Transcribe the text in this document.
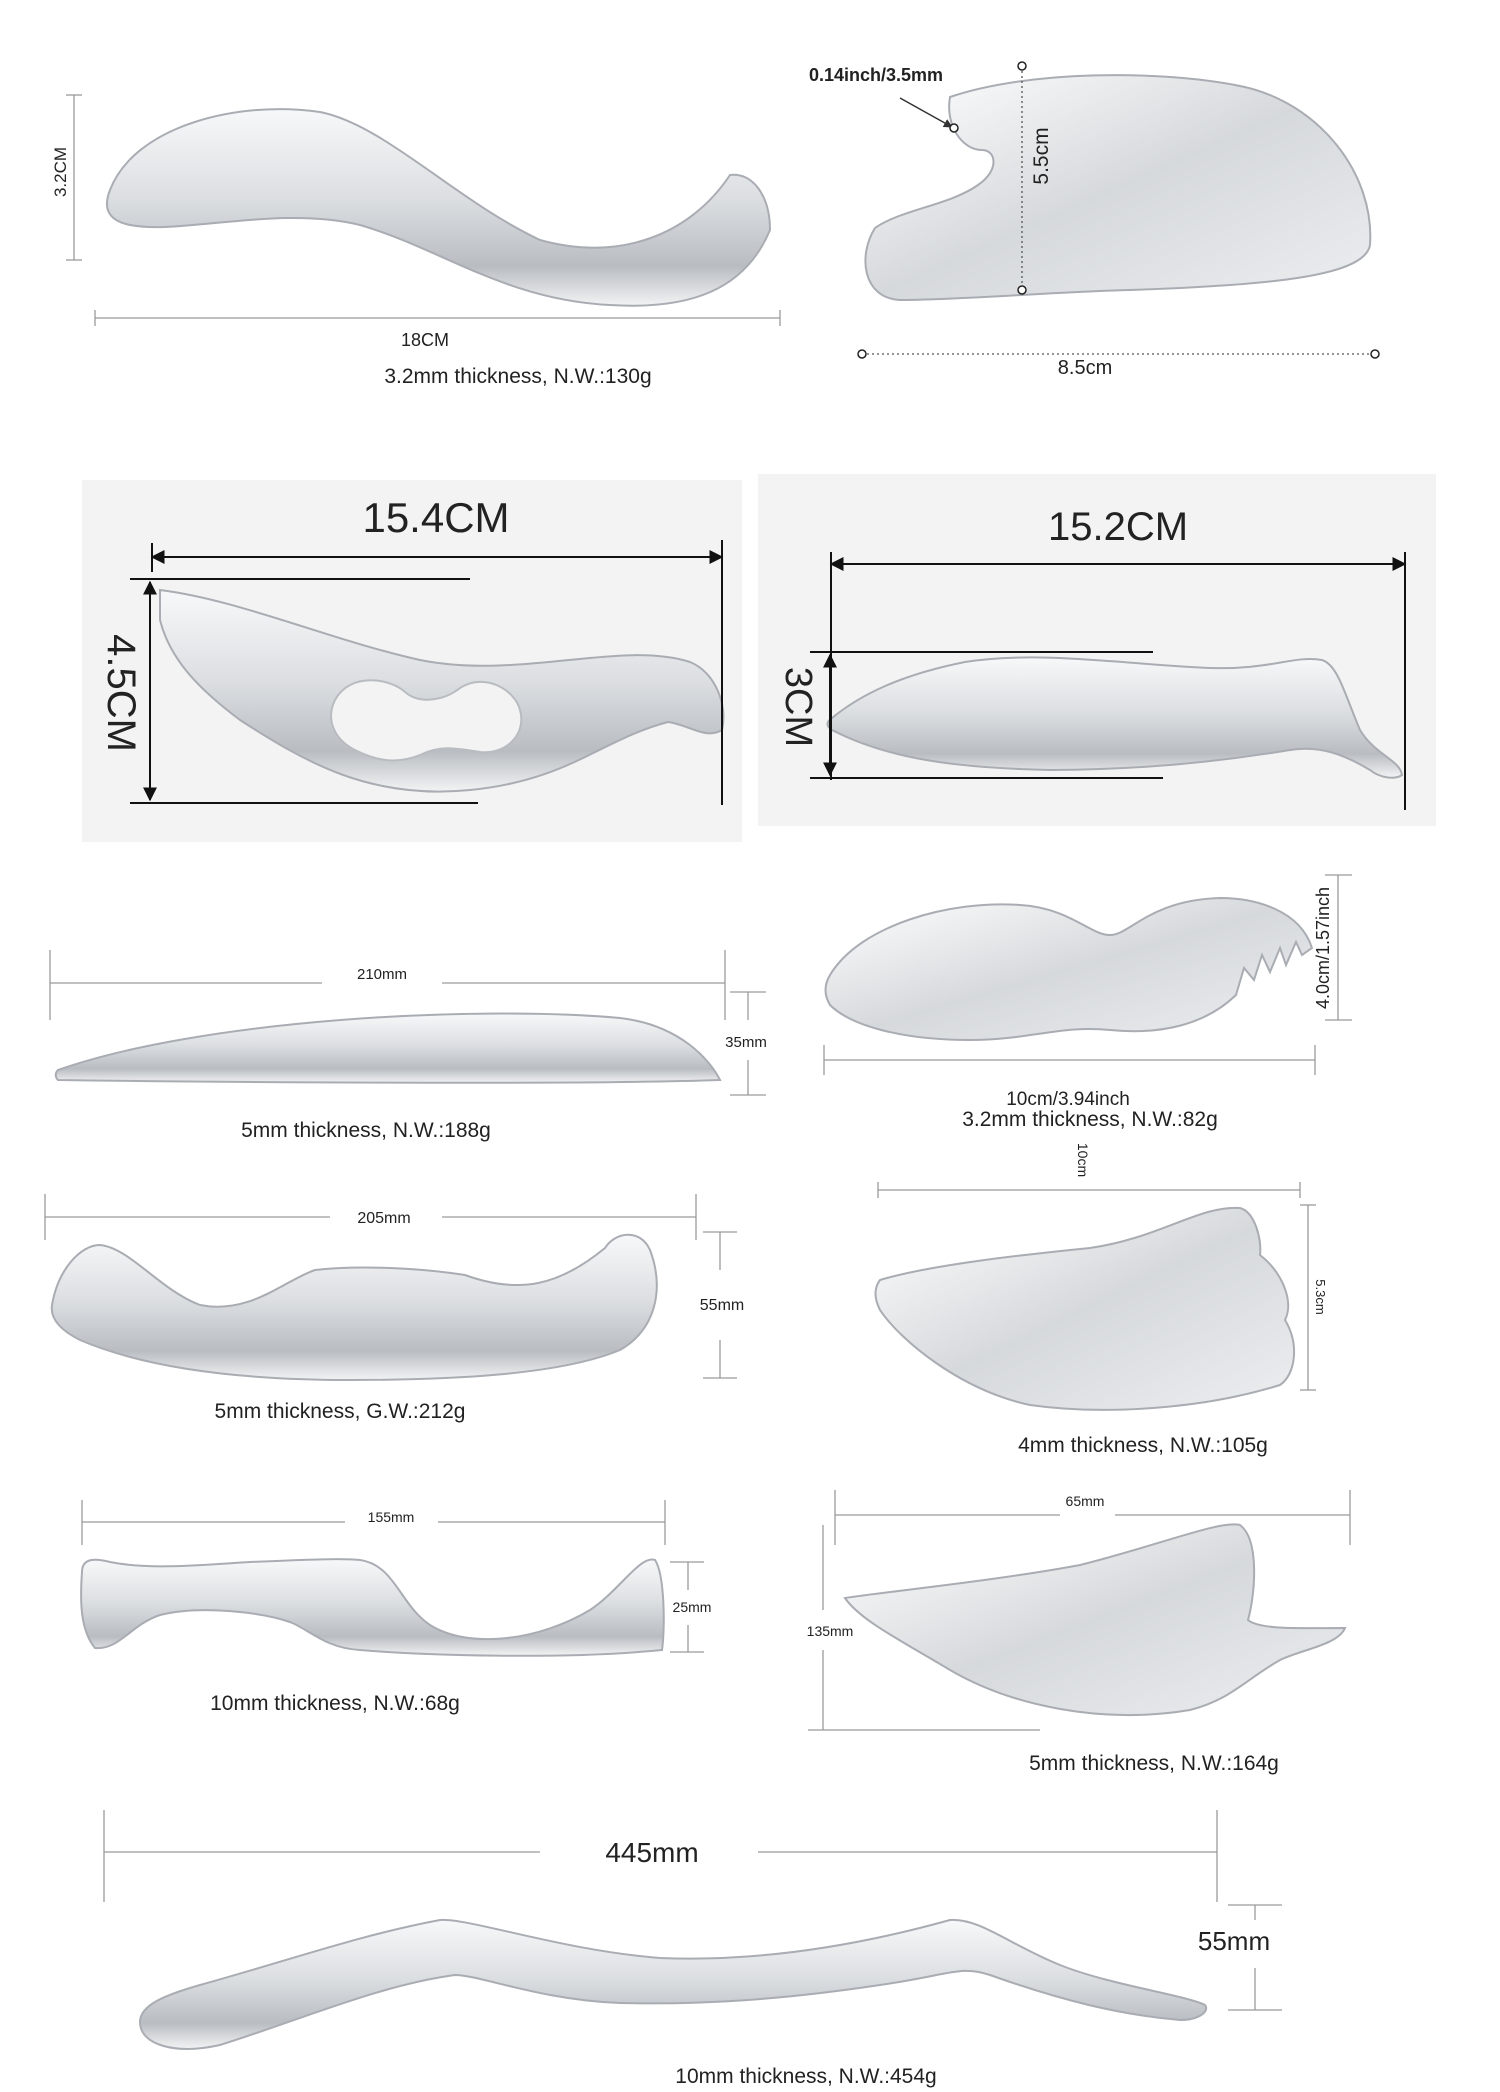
3.2CM
18CM
3.2mm thickness, N.W.:130g
5.5cm
8.5cm
0.14inch/3.5mm
15.4CM
4.5CM
15.2CM
3CM
210mm
35mm
5mm thickness, N.W.:188g
4.0cm/1.57inch
10cm/3.94inch
3.2mm thickness, N.W.:82g
205mm
55mm
5mm thickness, G.W.:212g
10cm
5.3cm
4mm thickness, N.W.:105g
155mm
25mm
10mm thickness, N.W.:68g
65mm
135mm
5mm thickness, N.W.:164g
445mm
55mm
10mm thickness, N.W.:454g
